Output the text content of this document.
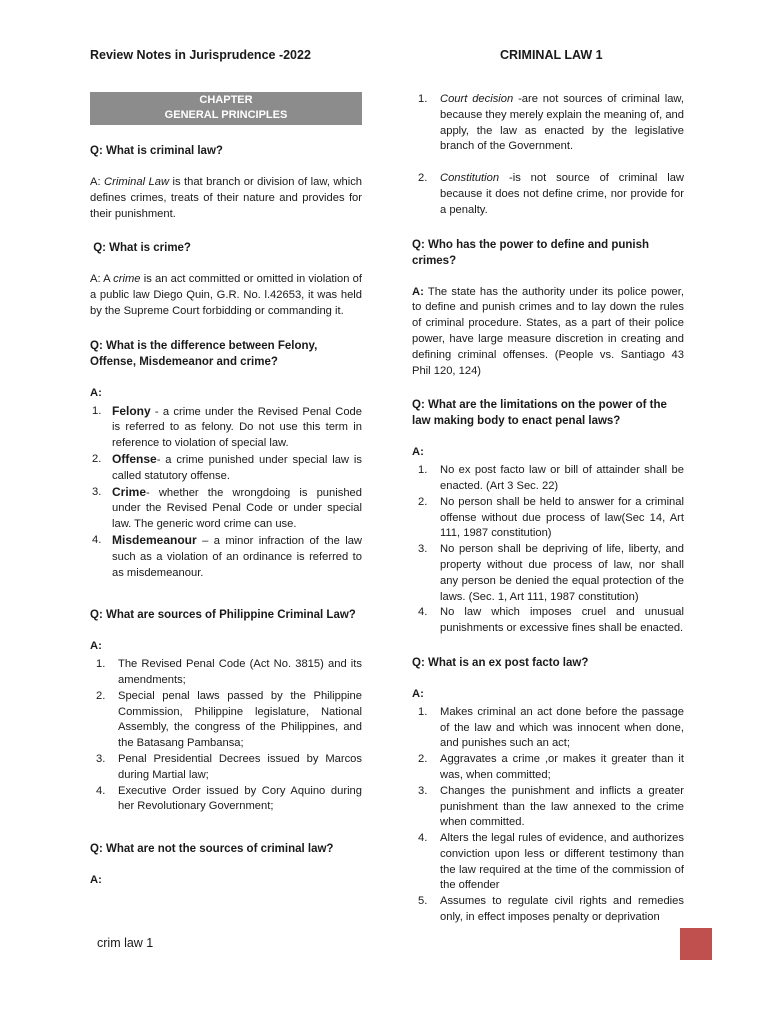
Review Notes in Jurisprudence -2022	CRIMINAL LAW 1
CHAPTER
GENERAL PRINCIPLES
Q: What is criminal law?
A: Criminal Law is that branch or division of law, which defines crimes, treats of their nature and provides for their punishment.
Q: What is crime?
A: A crime is an act committed or omitted in violation of a public law Diego Quin, G.R. No. l.42653, it was held by the Supreme Court forbidding or commanding it.
Q: What is the difference between Felony, Offense, Misdemeanor and crime?
A:
1. Felony - a crime under the Revised Penal Code is referred to as felony. Do not use this term in reference to violation of special law.
2. Offense- a crime punished under special law is called statutory offense.
3. Crime- whether the wrongdoing is punished under the Revised Penal Code or under special law. The generic word crime can use.
4. Misdemeanour – a minor infraction of the law such as a violation of an ordinance is referred to as misdemeanour.
Q: What are sources of Philippine Criminal Law?
A:
1. The Revised Penal Code (Act No. 3815) and its amendments;
2. Special penal laws passed by the Philippine Commission, Philippine legislature, National Assembly, the congress of the Philippines, and the Batasang Pambansa;
3. Penal Presidential Decrees issued by Marcos during Martial law;
4. Executive Order issued by Cory Aquino during her Revolutionary Government;
Q: What are not the sources of criminal law?
A:
1. Court decision -are not sources of criminal law, because they merely explain the meaning of, and apply, the law as enacted by the legislative branch of the Government.
2. Constitution -is not source of criminal law because it does not define crime, nor provide for a penalty.
Q: Who has the power to define and punish crimes?
A: The state has the authority under its police power, to define and punish crimes and to lay down the rules of criminal procedure. States, as a part of their police power, have large measure discretion in creating and defining criminal offenses. (People vs. Santiago 43 Phil 120, 124)
Q: What are the limitations on the power of the law making body to enact penal laws?
A:
1. No ex post facto law or bill of attainder shall be enacted. (Art 3 Sec. 22)
2. No person shall be held to answer for a criminal offense without due process of law(Sec 14, Art 111, 1987 constitution)
3. No person shall be depriving of life, liberty, and property without due process of law, nor shall any person be denied the equal protection of the laws. (Sec. 1, Art 111, 1987 constitution)
4. No law which imposes cruel and unusual punishments or excessive fines shall be enacted.
Q: What is an ex post facto law?
A:
1. Makes criminal an act done before the passage of the law and which was innocent when done, and punishes such an act;
2. Aggravates a crime ,or makes it greater than it was, when committed;
3. Changes the punishment and inflicts a greater punishment than the law annexed to the crime when committed.
4. Alters the legal rules of evidence, and authorizes conviction upon less or different testimony than the law required at the time of the commission of the offender
5. Assumes to regulate civil rights and remedies only, in effect imposes penalty or deprivation
crim law 1
